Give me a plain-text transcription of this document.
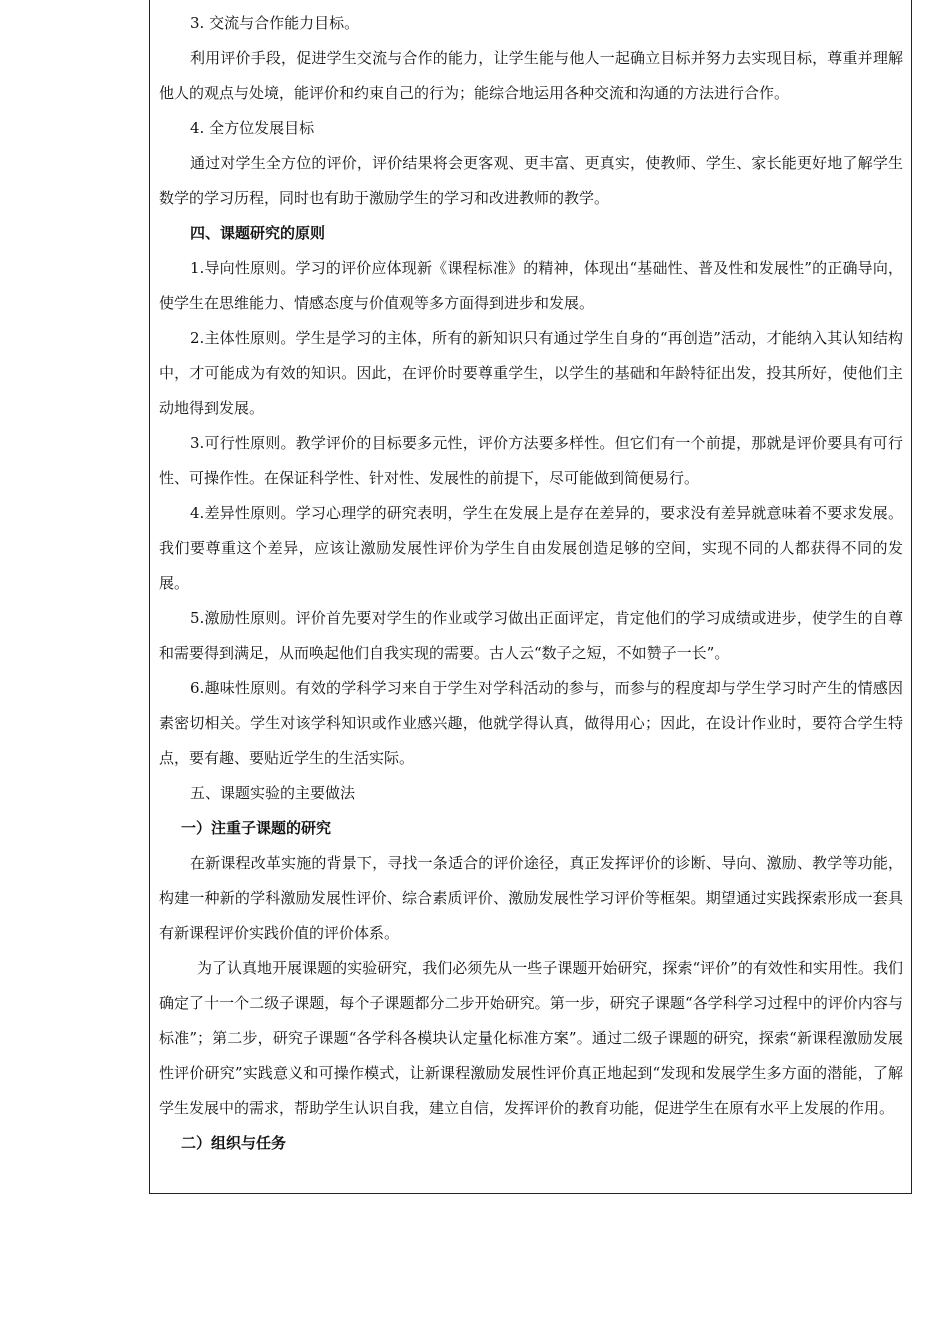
3. 交流与合作能力目标。

利用评价手段，促进学生交流与合作的能力，让学生能与他人一起确立目标并努力去实现目标，尊重并理解他人的观点与处境，能评价和约束自己的行为；能综合地运用各种交流和沟通的方法进行合作。

4. 全方位发展目标

通过对学生全方位的评价，评价结果将会更客观、更丰富、更真实，使教师、学生、家长能更好地了解学生数学的学习历程，同时也有助于激励学生的学习和改进教师的教学。

四、课题研究的原则

1.导向性原则。学习的评价应体现新《课程标准》的精神，体现出“基础性、普及性和发展性”的正确导向，使学生在思维能力、情感态度与价值观等多方面得到进步和发展。

2.主体性原则。学生是学习的主体，所有的新知识只有通过学生自身的“再创造”活动，才能纳入其认知结构中，才可能成为有效的知识。因此，在评价时要尊重学生，以学生的基础和年龄特征出发，投其所好，使他们主动地得到发展。

3.可行性原则。教学评价的目标要多元性，评价方法要多样性。但它们有一个前提，那就是评价要具有可行性、可操作性。在保证科学性、针对性、发展性的前提下，尽可能做到简便易行。

4.差异性原则。学习心理学的研究表明，学生在发展上是存在差异的，要求没有差异就意味着不要求发展。我们要尊重这个差异，应该让激励发展性评价为学生自由发展创造足够的空间，实现不同的人都获得不同的发展。

5.激励性原则。评价首先要对学生的作业或学习做出正面评定，肯定他们的学习成绩或进步，使学生的自尊和需要得到满足，从而唤起他们自我实现的需要。古人云“数子之短，不如赞子一长”。

6.趣味性原则。有效的学科学习来自于学生对学科活动的参与，而参与的程度却与学生学习时产生的情感因素密切相关。学生对该学科知识或作业感兴趣，他就学得认真，做得用心；因此，在设计作业时，要符合学生特点，要有趣、要贴近学生的生活实际。

五、课题实验的主要做法

一）注重子课题的研究

在新课程改革实施的背景下，寻找一条适合的评价途径，真正发挥评价的诊断、导向、激励、教学等功能，构建一种新的学科激励发展性评价、综合素质评价、激励发展性学习评价等框架。期望通过实践探索形成一套具有新课程评价实践价值的评价体系。

为了认真地开展课题的实验研究，我们必须先从一些子课题开始研究，探索“评价”的有效性和实用性。我们确定了十一个二级子课题，每个子课题都分二步开始研究。第一步，研究子课题“各学科学习过程中的评价内容与标准”；第二步，研究子课题“各学科各模块认定量化标准方案”。通过二级子课题的研究，探索“新课程激励发展性评价研究”实践意义和可操作模式，让新课程激励发展性评价真正地起到“发现和发展学生多方面的潜能，了解学生发展中的需求，帮助学生认识自我，建立自信，发挥评价的教育功能，促进学生在原有水平上发展的作用。

二）组织与任务
